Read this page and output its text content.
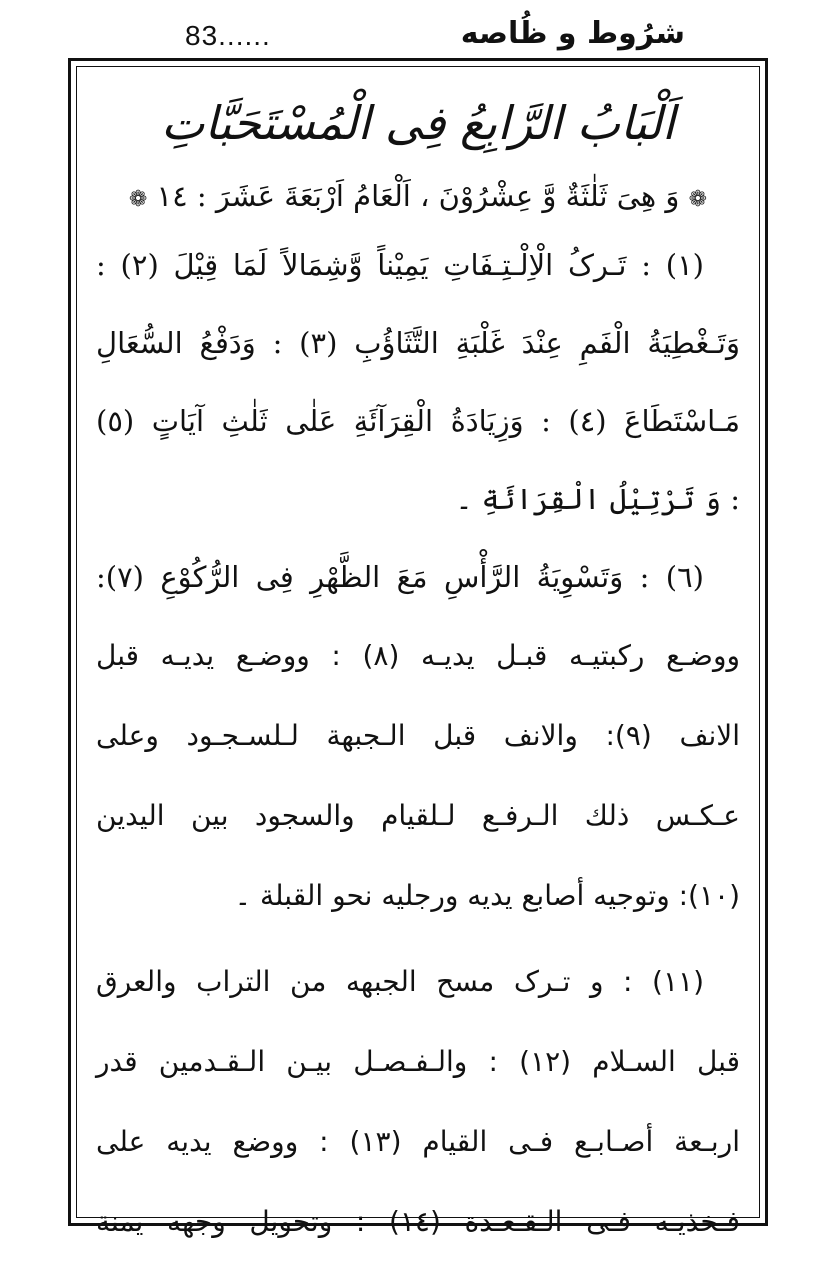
83......	شرُوط و ظُاصه
اَلْبَابُ الرَّابِعُ فِى الْمُسْتَحَبَّاتِ
❁ وَ هِىَ ثَلٰثَةٌ وَّ عِشْرُوْنَ ، اَلْعَامُ اَرْبَعَةَ عَشَرَ : ١٤ ❁
(١) : تَـرکُ الْاِلْـتِـفَاتِ یَمِیْناً وَّشِمَالاً لَمَا قِیْلَ (٢) :
وَتَـغْطِیَةُ الْفَمِ عِنْدَ غَلْبَةِ التَّثَاؤُبِ (٣) : وَدَفْعُ السُّعَالِ
مَـاسْتَطَاعَ (٤) : وَزِیَادَةُ الْقِرَآئَةِ عَلٰی ثَلٰثِ آیَاتٍ (٥)
: وَ تَرْتِیْلُ الْقِرَائَةِ ۔
(٦) : وَتَسْوِیَةُ الرَّأْسِ مَعَ الظَّهْرِ فِی الرُّکُوْعِ (٧):
ووضـع رکبتیـه قبـل یدیـه (٨) : ووضـع یدیـه قبل
الانف (٩): والانف قبل الـجبهة لـلسـجـود وعلی
عـکـس ذلك الـرفـع لـلقیام والسجود بین الیدین
(١٠): وتوجیه أصابع یدیه ورجلیه نحو القبلة ۔
(١١) : و تـرک مسح الجبهه من التراب والعرق
قبل السـلام (١٢) : والـفـصـل بیـن الـقـدمین قدر
اربـعة أصـابـع فـی القیام (١٣) : ووضع یدیه علی
فـخذیـه فـی الـقـعـدة (١٤) : وتحویل وجهه یمنة
